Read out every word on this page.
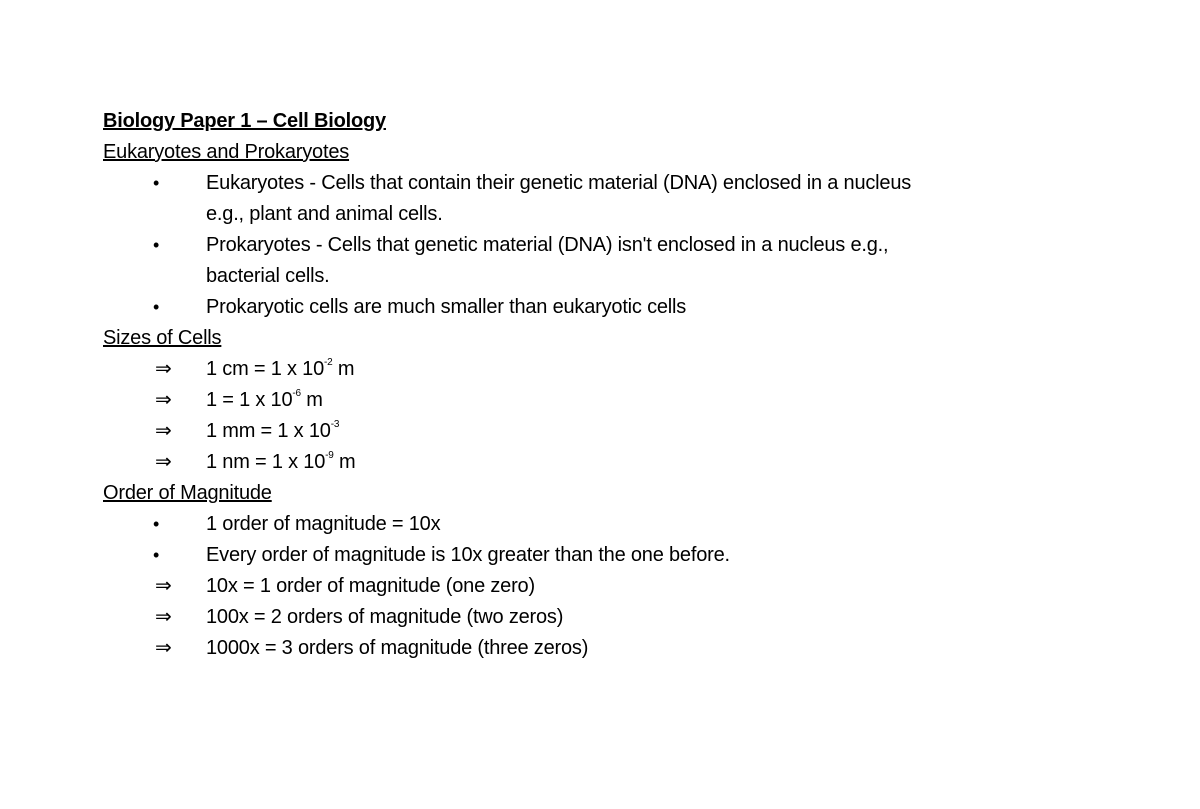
Biology Paper 1 – Cell Biology
Eukaryotes and Prokaryotes
•	Eukaryotes - Cells that contain their genetic material (DNA) enclosed in a nucleus
e.g., plant and animal cells.
•	Prokaryotes - Cells that genetic material (DNA) isn't enclosed in a nucleus e.g.,
bacterial cells.
•	Prokaryotic cells are much smaller than eukaryotic cells
Sizes of Cells
⇒	1 cm = 1 x $10^{-2}$ m
⇒	1 = 1 x $10^{-6}$ m
⇒	1 mm = 1 x $10^{-3}$
⇒	1 nm = 1 x $10^{-9}$ m
Order of Magnitude
•	1 order of magnitude = 10x
•	Every order of magnitude is 10x greater than the one before.
⇒	10x = 1 order of magnitude (one zero)
⇒	100x = 2 orders of magnitude (two zeros)
⇒	1000x = 3 orders of magnitude (three zeros)
